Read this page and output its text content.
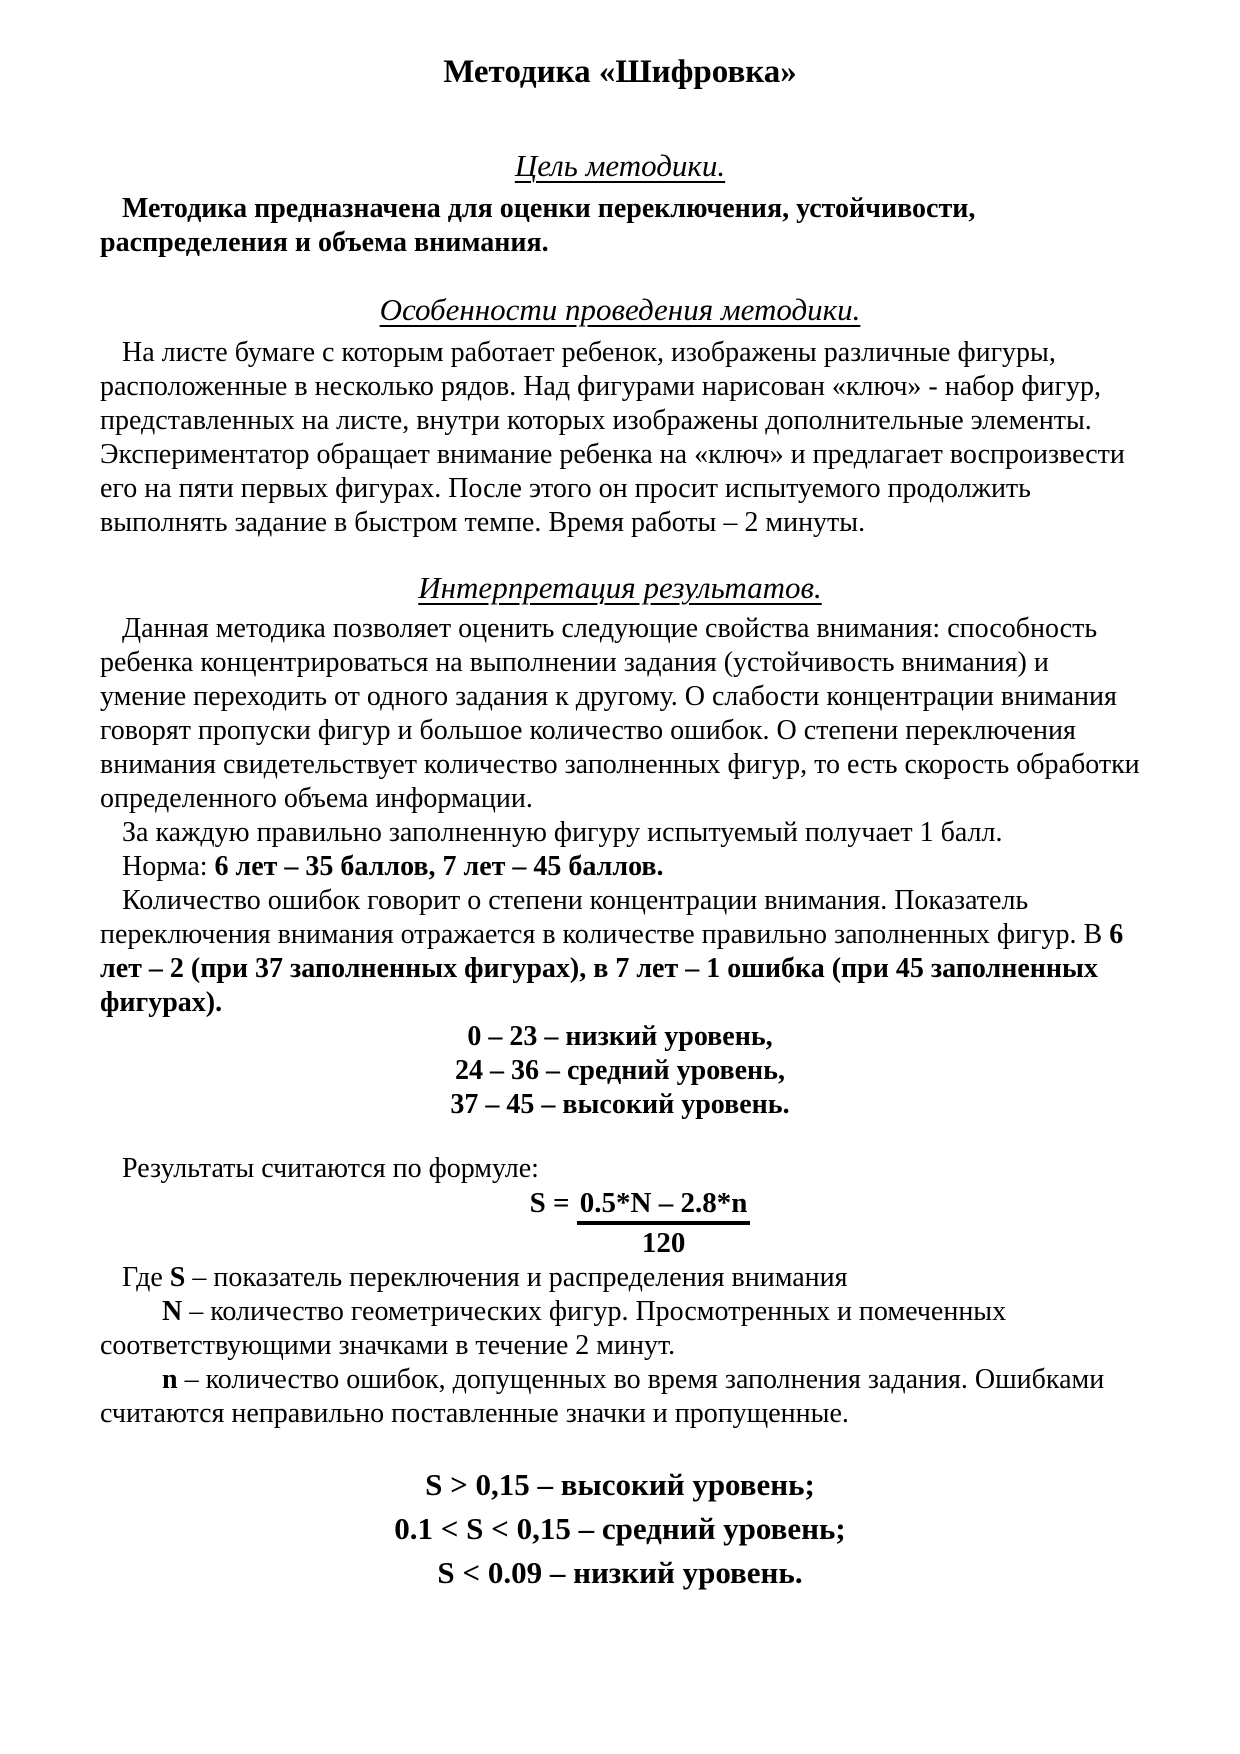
Методика «Шифровка»
Цель методики.

Методика предназначена для оценки переключения, устойчивости, распределения и объема внимания.

Особенности проведения методики.

На листе бумаге с которым работает ребенок, изображены различные фигуры, расположенные в несколько рядов. Над фигурами нарисован «ключ» - набор фигур, представленных на листе, внутри которых изображены дополнительные элементы. Экспериментатор обращает внимание ребенка на «ключ» и предлагает воспроизвести его на пяти первых фигурах. После этого он просит испытуемого продолжить выполнять задание в быстром темпе. Время работы – 2 минуты.

Интерпретация результатов.

Данная методика позволяет оценить следующие свойства внимания: способность ребенка концентрироваться на выполнении задания (устойчивость внимания) и умение переходить от одного задания к другому. О слабости концентрации внимания говорят пропуски фигур и большое количество ошибок. О степени переключения внимания свидетельствует количество заполненных фигур, то есть скорость обработки определенного объема информации.

За каждую правильно заполненную фигуру испытуемый получает 1 балл.

Норма: 6 лет – 35 баллов, 7 лет – 45 баллов.

Количество ошибок говорит о степени концентрации внимания. Показатель переключения внимания отражается в количестве правильно заполненных фигур. В 6 лет – 2 (при 37 заполненных фигурах), в 7 лет – 1 ошибка (при 45 заполненных фигурах).

0 – 23 – низкий уровень,
24 – 36 – средний уровень,
37 – 45 – высокий уровень.

Результаты считаются по формуле:

$S = \frac{0.5*N - 2.8*n}{120}$

Где S – показатель переключения и распределения внимания

N – количество геометрических фигур. Просмотренных и помеченных соответствующими значками в течение 2 минут.

n – количество ошибок, допущенных во время заполнения задания. Ошибками считаются неправильно поставленные значки и пропущенные.

S > 0,15 – высокий уровень;
0.1 < S < 0,15 – средний уровень;
S < 0.09 – низкий уровень.
